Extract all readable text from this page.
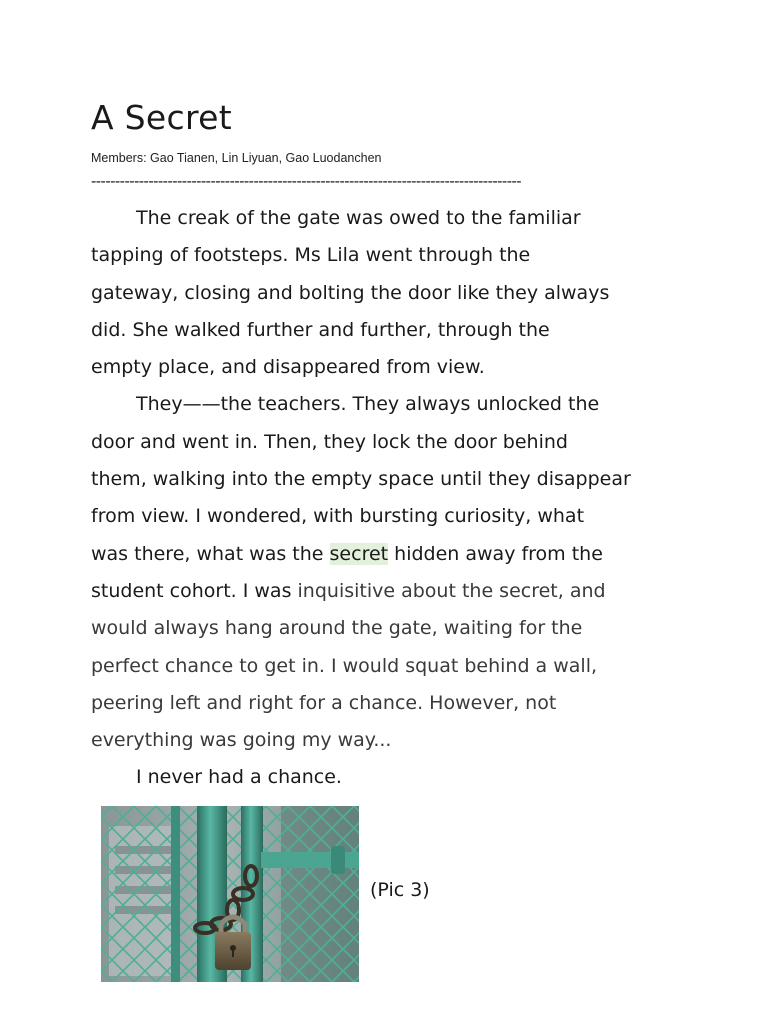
A Secret
Members: Gao Tianen, Lin Liyuan, Gao Luodanchen
------------------------------------------------------------------------------------------
The creak of the gate was owed to the familiar
tapping of footsteps. Ms Lila went through the
gateway, closing and bolting the door like they always
did. She walked further and further, through the
empty place, and disappeared from view.
They——the teachers. They always unlocked the
door and went in. Then, they lock the door behind
them, walking into the empty space until they disappear
from view. I wondered, with bursting curiosity, what
was there, what was the secret hidden away from the
student cohort. I was inquisitive about the secret, and
would always hang around the gate, waiting for the
perfect chance to get in. I would squat behind a wall,
peering left and right for a chance. However, not
everything was going my way...
I never had a chance.
(Pic 3)
